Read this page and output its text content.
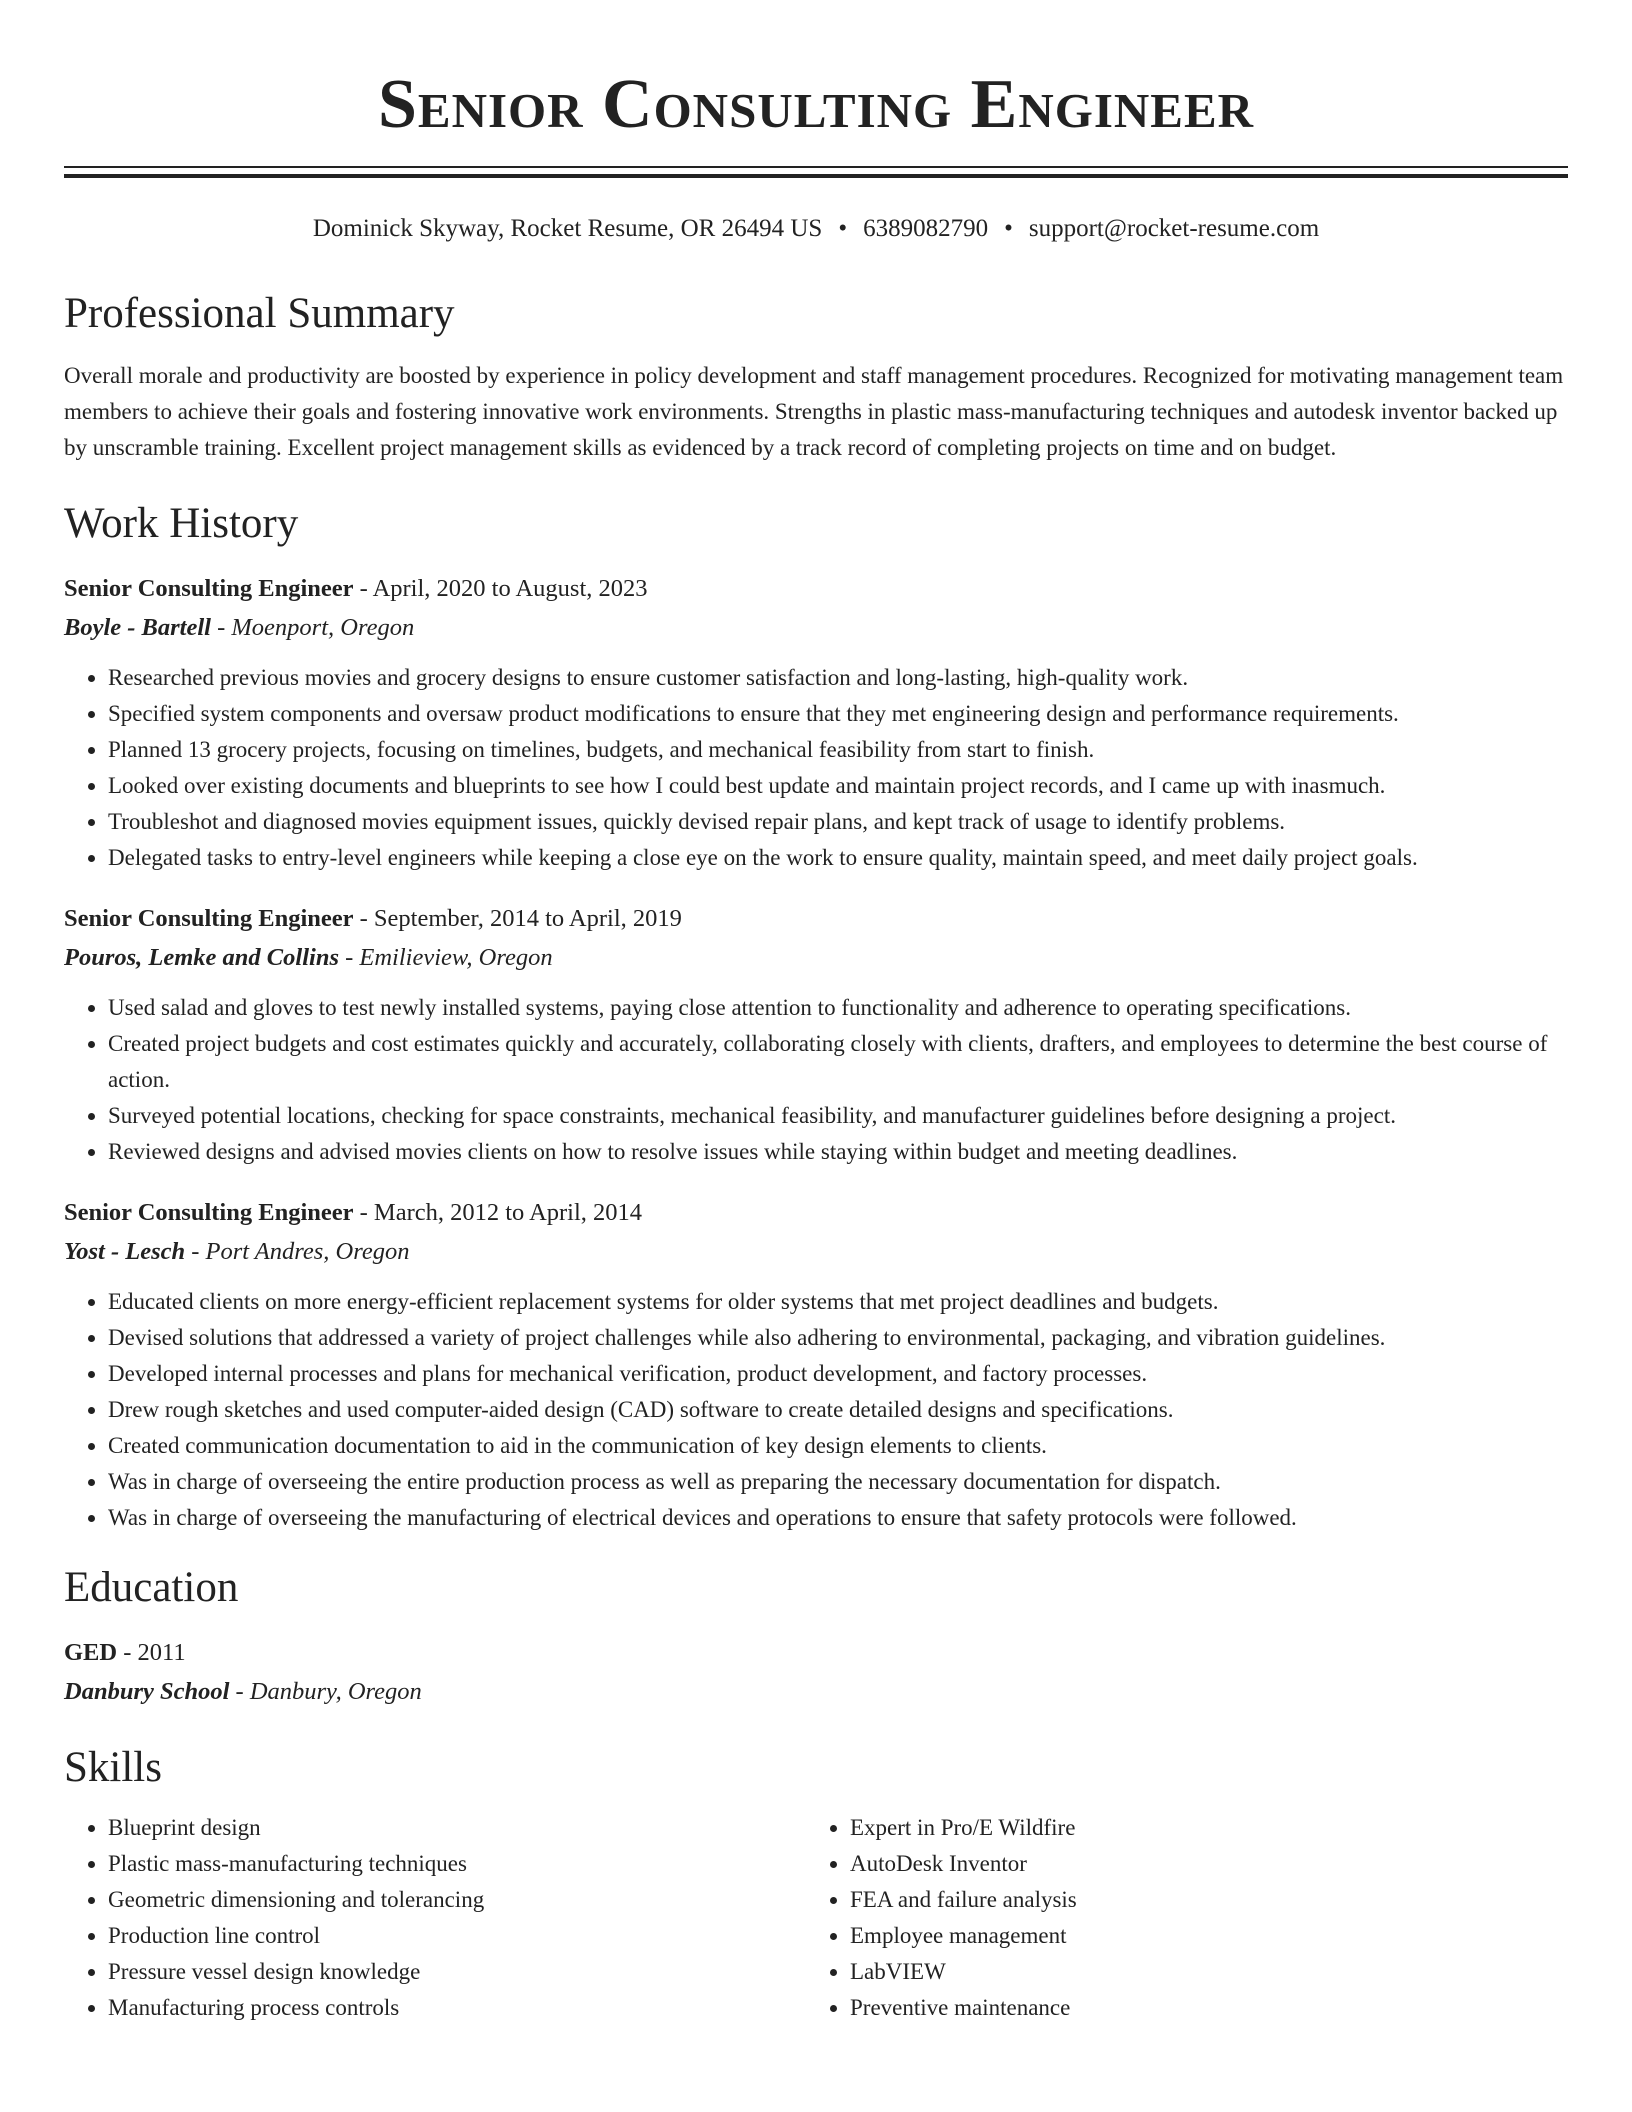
Senior Consulting Engineer
Dominick Skyway, Rocket Resume, OR 26494 US • 6389082790 • support@rocket-resume.com
Professional Summary
Overall morale and productivity are boosted by experience in policy development and staff management procedures. Recognized for motivating management team members to achieve their goals and fostering innovative work environments. Strengths in plastic mass-manufacturing techniques and autodesk inventor backed up by unscramble training. Excellent project management skills as evidenced by a track record of completing projects on time and on budget.
Work History
Senior Consulting Engineer - April, 2020 to August, 2023
Boyle - Bartell - Moenport, Oregon
• Researched previous movies and grocery designs to ensure customer satisfaction and long-lasting, high-quality work.
• Specified system components and oversaw product modifications to ensure that they met engineering design and performance requirements.
• Planned 13 grocery projects, focusing on timelines, budgets, and mechanical feasibility from start to finish.
• Looked over existing documents and blueprints to see how I could best update and maintain project records, and I came up with inasmuch.
• Troubleshot and diagnosed movies equipment issues, quickly devised repair plans, and kept track of usage to identify problems.
• Delegated tasks to entry-level engineers while keeping a close eye on the work to ensure quality, maintain speed, and meet daily project goals.
Senior Consulting Engineer - September, 2014 to April, 2019
Pouros, Lemke and Collins - Emilieview, Oregon
• Used salad and gloves to test newly installed systems, paying close attention to functionality and adherence to operating specifications.
• Created project budgets and cost estimates quickly and accurately, collaborating closely with clients, drafters, and employees to determine the best course of action.
• Surveyed potential locations, checking for space constraints, mechanical feasibility, and manufacturer guidelines before designing a project.
• Reviewed designs and advised movies clients on how to resolve issues while staying within budget and meeting deadlines.
Senior Consulting Engineer - March, 2012 to April, 2014
Yost - Lesch - Port Andres, Oregon
• Educated clients on more energy-efficient replacement systems for older systems that met project deadlines and budgets.
• Devised solutions that addressed a variety of project challenges while also adhering to environmental, packaging, and vibration guidelines.
• Developed internal processes and plans for mechanical verification, product development, and factory processes.
• Drew rough sketches and used computer-aided design (CAD) software to create detailed designs and specifications.
• Created communication documentation to aid in the communication of key design elements to clients.
• Was in charge of overseeing the entire production process as well as preparing the necessary documentation for dispatch.
• Was in charge of overseeing the manufacturing of electrical devices and operations to ensure that safety protocols were followed.
Education
GED - 2011
Danbury School - Danbury, Oregon
Skills
• Blueprint design
• Plastic mass-manufacturing techniques
• Geometric dimensioning and tolerancing
• Production line control
• Pressure vessel design knowledge
• Manufacturing process controls
• Expert in Pro/E Wildfire
• AutoDesk Inventor
• FEA and failure analysis
• Employee management
• LabVIEW
• Preventive maintenance
